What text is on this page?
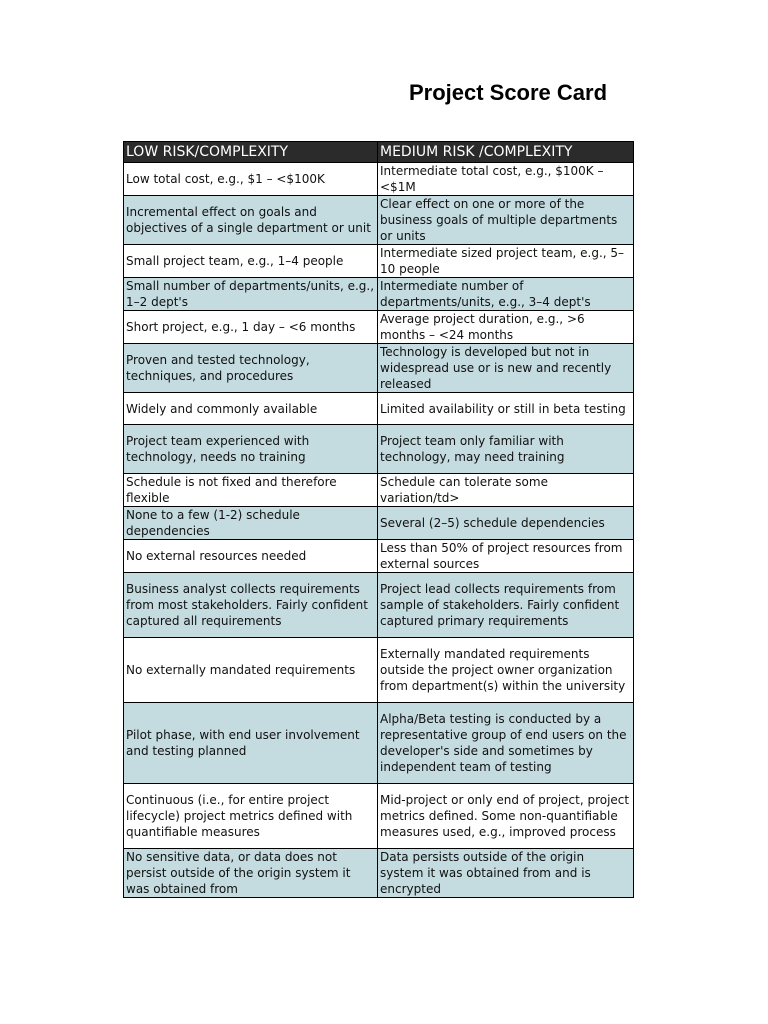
Project Score Card
LOW RISK/COMPLEXITY	MEDIUM RISK /COMPLEXITY
Low total cost, e.g., $1 – <$100K	Intermediate total cost, e.g., $100K – <$1M
Incremental effect on goals and objectives of a single department or unit	Clear effect on one or more of the business goals of multiple departments or units
Small project team, e.g., 1–4 people	Intermediate sized project team, e.g., 5–10 people
Small number of departments/units, e.g., 1–2 dept's	Intermediate number of departments/units, e.g., 3–4 dept's
Short project, e.g., 1 day – <6 months	Average project duration, e.g., >6 months – <24 months
Proven and tested technology, techniques, and procedures	Technology is developed but not in widespread use or is new and recently released
Widely and commonly available	Limited availability or still in beta testing
Project team experienced with technology, needs no training	Project team only familiar with technology, may need training
Schedule is not fixed and therefore flexible	Schedule can tolerate some variation/td>
None to a few (1-2) schedule dependencies	Several (2–5) schedule dependencies
No external resources needed	Less than 50% of project resources from external sources
Business analyst collects requirements from most stakeholders. Fairly confident captured all requirements	Project lead collects requirements from sample of stakeholders. Fairly confident captured primary requirements
No externally mandated requirements	Externally mandated requirements outside the project owner organization from department(s) within the university
Pilot phase, with end user involvement and testing planned	Alpha/Beta testing is conducted by a representative group of end users on the developer's side and sometimes by independent team of testing
Continuous (i.e., for entire project lifecycle) project metrics defined with quantifiable measures	Mid-project or only end of project, project metrics defined. Some non-quantifiable measures used, e.g., improved process
No sensitive data, or data does not persist outside of the origin system it was obtained from	Data persists outside of the origin system it was obtained from and is encrypted
